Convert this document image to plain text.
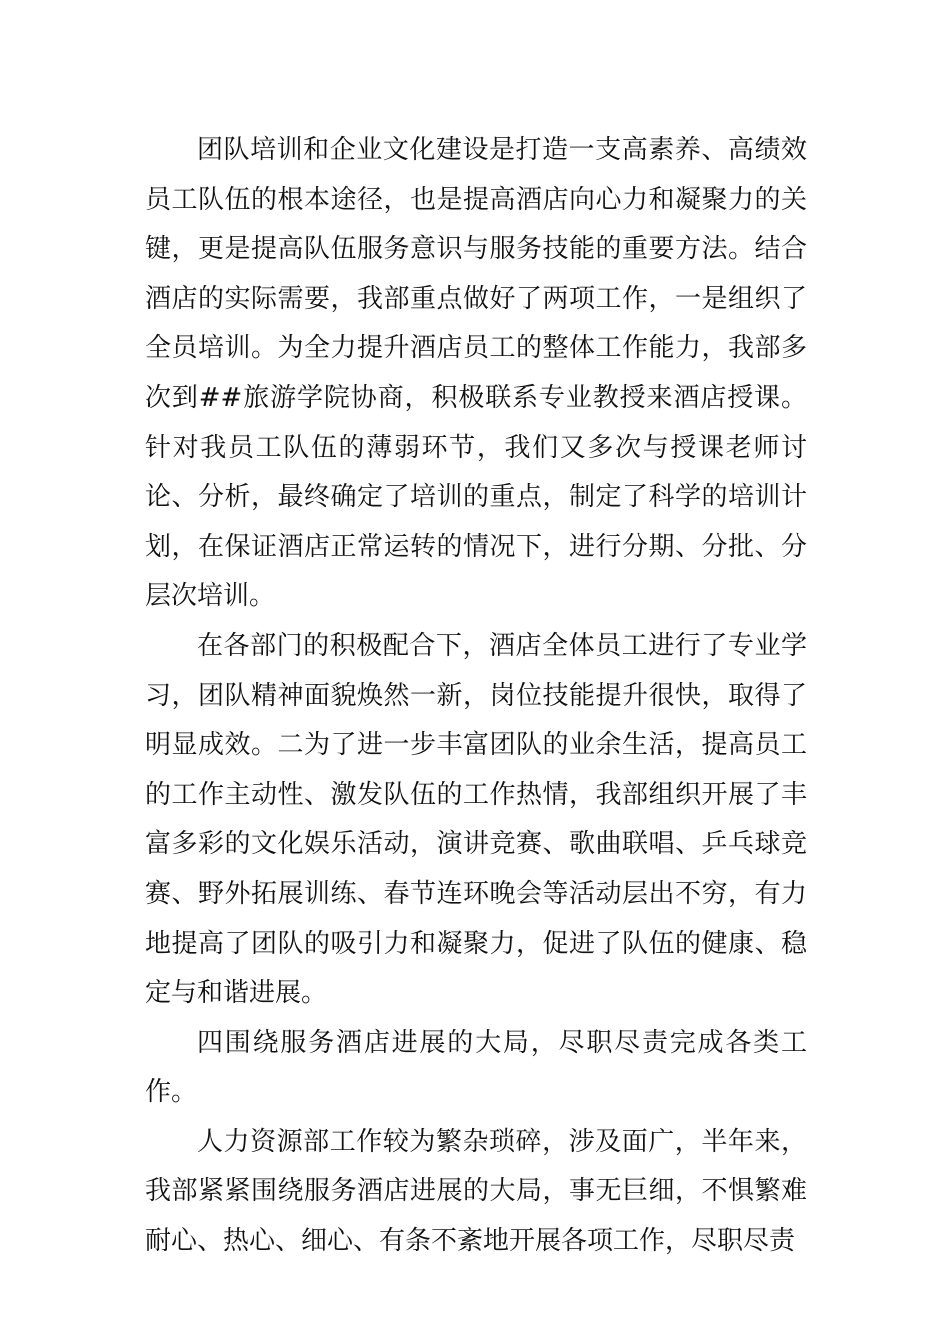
团队培训和企业文化建设是打造一支高素养、高绩效员工队伍的根本途径，也是提高酒店向心力和凝聚力的关键，更是提高队伍服务意识与服务技能的重要方法。结合酒店的实际需要，我部重点做好了两项工作，一是组织了全员培训。为全力提升酒店员工的整体工作能力，我部多次到##旅游学院协商，积极联系专业教授来酒店授课。针对我员工队伍的薄弱环节，我们又多次与授课老师讨论、分析，最终确定了培训的重点，制定了科学的培训计划，在保证酒店正常运转的情况下，进行分期、分批、分层次培训。

在各部门的积极配合下，酒店全体员工进行了专业学习，团队精神面貌焕然一新，岗位技能提升很快，取得了明显成效。二为了进一步丰富团队的业余生活，提高员工的工作主动性、激发队伍的工作热情，我部组织开展了丰富多彩的文化娱乐活动，演讲竞赛、歌曲联唱、乒乓球竞赛、野外拓展训练、春节连环晚会等活动层出不穷，有力地提高了团队的吸引力和凝聚力，促进了队伍的健康、稳定与和谐进展。

四围绕服务酒店进展的大局，尽职尽责完成各类工作。

人力资源部工作较为繁杂琐碎，涉及面广，半年来，我部紧紧围绕服务酒店进展的大局，事无巨细，不惧繁难耐心、热心、细心、有条不紊地开展各项工作，尽职尽责
